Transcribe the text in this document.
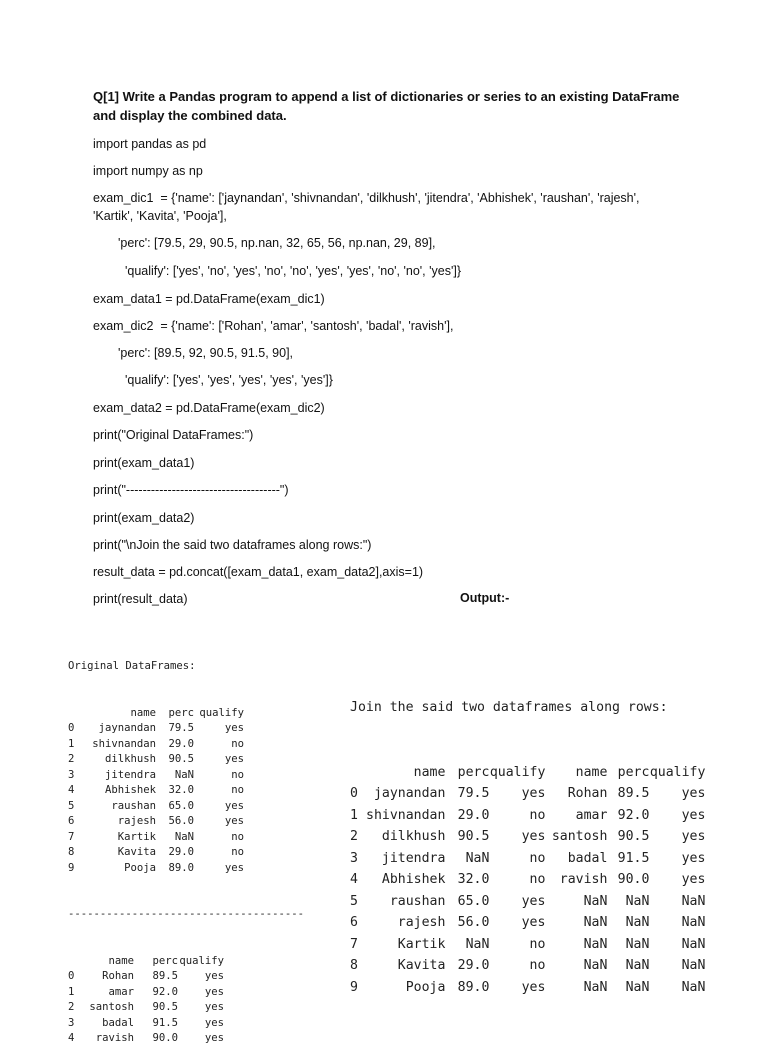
Q[1] Write a Pandas program to append a list of dictionaries or series to an existing DataFrame and display the combined data.
import pandas as pd
import numpy as np
exam_dic1  = {'name': ['jaynandan', 'shivnandan', 'dilkhush', 'jitendra', 'Abhishek', 'raushan', 'rajesh',
'Kartik', 'Kavita', 'Pooja'],
'perc': [79.5, 29, 90.5, np.nan, 32, 65, 56, np.nan, 29, 89],
'qualify': ['yes', 'no', 'yes', 'no', 'no', 'yes', 'yes', 'no', 'no', 'yes']}
exam_data1 = pd.DataFrame(exam_dic1)
exam_dic2  = {'name': ['Rohan', 'amar', 'santosh', 'badal', 'ravish'],
'perc': [89.5, 92, 90.5, 91.5, 90],
'qualify': ['yes', 'yes', 'yes', 'yes', 'yes']}
exam_data2 = pd.DataFrame(exam_dic2)
print("Original DataFrames:")
print(exam_data1)
print("-------------------------------------")
print(exam_data2)
print("\nJoin the said two dataframes along rows:")
result_data = pd.concat([exam_data1, exam_data2],axis=1)
print(result_data)	Output:-

Original DataFrames:

	name	perc	qualify
0	jaynandan	79.5	yes
1	shivnandan	29.0	no
2	dilkhush	90.5	yes
3	jitendra	NaN	no
4	Abhishek	32.0	no
5	raushan	65.0	yes
6	rajesh	56.0	yes
7	Kartik	NaN	no
8	Kavita	29.0	no
9	Pooja	89.0	yes

-------------------------------------

	name	perc	qualify
0	Rohan	89.5	yes
1	amar	92.0	yes
2	santosh	90.5	yes
3	badal	91.5	yes
4	ravish	90.0	yes

Join the said two dataframes along rows:

	name	perc	qualify	name	perc	qualify
0	jaynandan	79.5	yes	Rohan	89.5	yes
1	shivnandan	29.0	no	amar	92.0	yes
2	dilkhush	90.5	yes	santosh	90.5	yes
3	jitendra	NaN	no	badal	91.5	yes
4	Abhishek	32.0	no	ravish	90.0	yes
5	raushan	65.0	yes	NaN	NaN	NaN
6	rajesh	56.0	yes	NaN	NaN	NaN
7	Kartik	NaN	no	NaN	NaN	NaN
8	Kavita	29.0	no	NaN	NaN	NaN
9	Pooja	89.0	yes	NaN	NaN	NaN
